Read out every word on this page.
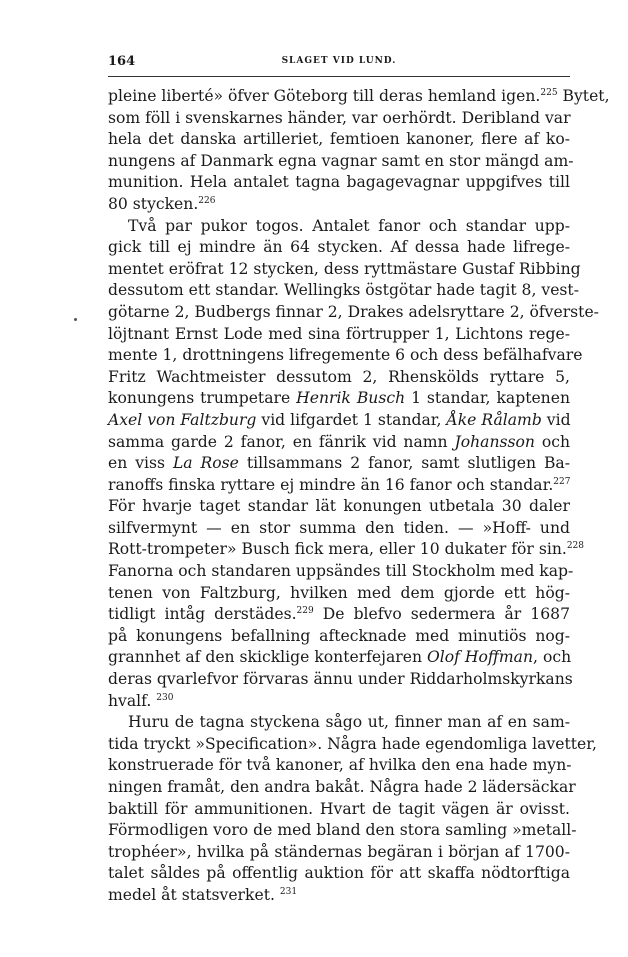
164	SLAGET VID LUND.
pleine liberté» öfver Göteborg till deras hemland igen.$^{225}$ Bytet,
som föll i svenskarnes händer, var oerhördt. Deribland var
hela det danska artilleriet, femtioen kanoner, flere af ko-
nungens af Danmark egna vagnar samt en stor mängd am-
munition. Hela antalet tagna bagagevagnar uppgifves till
80 stycken.$^{226}$
Två par pukor togos. Antalet fanor och standar upp-
gick till ej mindre än 64 stycken. Af dessa hade lifrege-
mentet eröfrat 12 stycken, dess ryttmästare Gustaf Ribbing
dessutom ett standar. Wellingks östgötar hade tagit 8, vest-
götarne 2, Budbergs finnar 2, Drakes adelsryttare 2, öfverste-
löjtnant Ernst Lode med sina förtrupper 1, Lichtons rege-
mente 1, drottningens lifregemente 6 och dess befälhafvare
Fritz Wachtmeister dessutom 2, Rhenskölds ryttare 5,
konungens trumpetare Henrik Busch 1 standar, kaptenen
Axel von Faltzburg vid lifgardet 1 standar, Åke Rålamb vid
samma garde 2 fanor, en fänrik vid namn Johansson och
en viss La Rose tillsammans 2 fanor, samt slutligen Ba-
ranoffs finska ryttare ej mindre än 16 fanor och standar.$^{227}$
För hvarje taget standar lät konungen utbetala 30 daler
silfvermynt — en stor summa den tiden. — »Hoff- und
Rott-trompeter» Busch fick mera, eller 10 dukater för sin.$^{228}$
Fanorna och standaren uppsändes till Stockholm med kap-
tenen von Faltzburg, hvilken med dem gjorde ett hög-
tidligt intåg derstädes.$^{229}$ De blefvo sedermera år 1687
på konungens befallning aftecknade med minutiös nog-
grannhet af den skicklige konterfejaren Olof Hoffman, och
deras qvarlefvor förvaras ännu under Riddarholmskyrkans
hvalf. $^{230}$
Huru de tagna styckena sågo ut, finner man af en sam-
tida tryckt »Specification». Några hade egendomliga lavetter,
konstruerade för två kanoner, af hvilka den ena hade myn-
ningen framåt, den andra bakåt. Några hade 2 lädersäckar
baktill för ammunitionen. Hvart de tagit vägen är ovisst.
Förmodligen voro de med bland den stora samling »metall-
trophéer», hvilka på ständernas begäran i början af 1700-
talet såldes på offentlig auktion för att skaffa nödtorftiga
medel åt statsverket. $^{231}$
